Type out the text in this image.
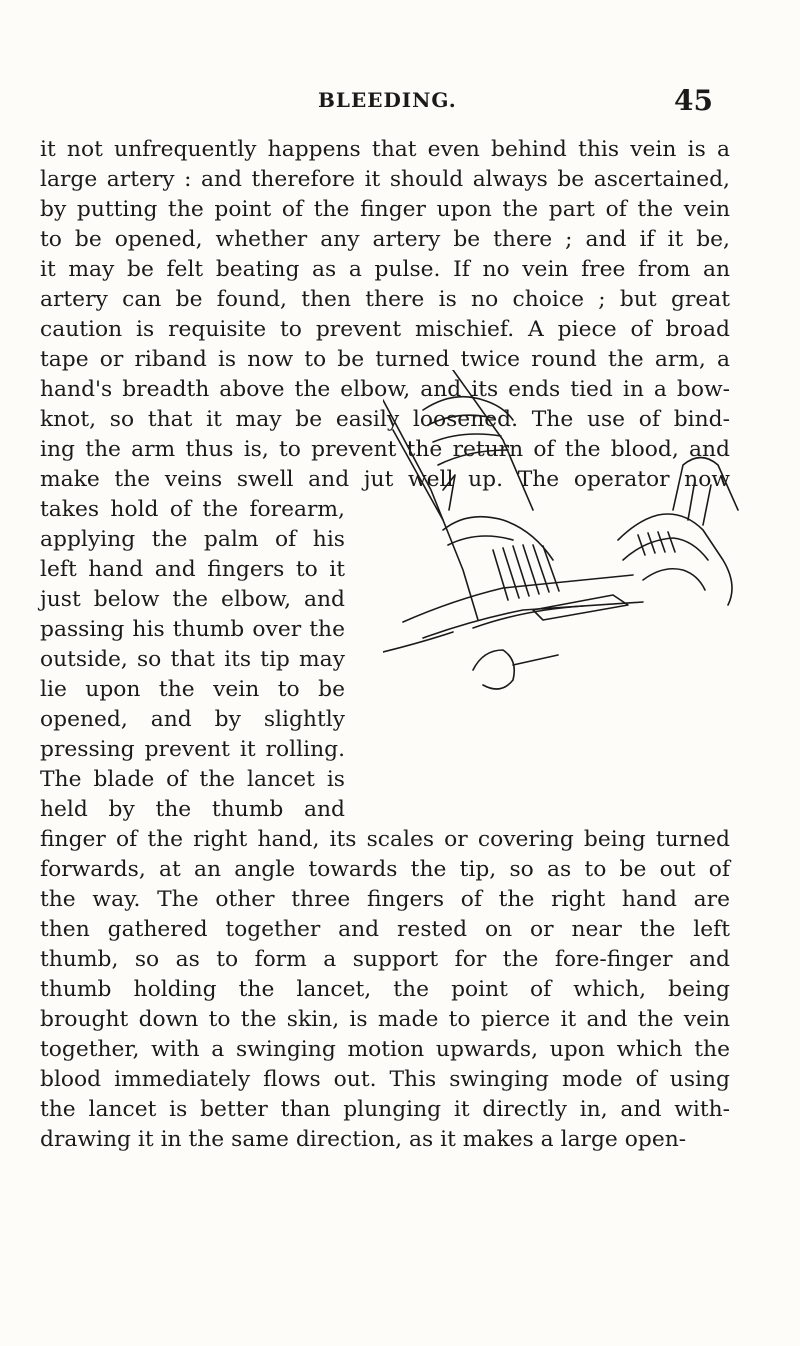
BLEEDING.	45
it not unfrequently happens that even behind this vein is a
large artery : and therefore it should always be ascertained,
by putting the point of the finger upon the part of the vein
to be opened, whether any artery be there ; and if it be,
it may be felt beating as a pulse. If no vein free from an
artery can be found, then there is no choice ; but great
caution is requisite to prevent mischief. A piece of broad
tape or riband is now to be turned twice round the arm, a
hand's breadth above the elbow, and its ends tied in a bow-
knot, so that it may be easily loosened. The use of bind-
ing the arm thus is, to prevent the return of the blood, and
make the veins swell and jut well up. The operator now
takes hold of the forearm,
applying the palm of his
left hand and fingers to it
just below the elbow, and
passing his thumb over the
outside, so that its tip may
lie upon the vein to be
opened, and by slightly
pressing prevent it rolling.
The blade of the lancet is
held by the thumb and
finger of the right hand, its scales or covering being turned
forwards, at an angle towards the tip, so as to be out of
the way. The other three fingers of the right hand are
then gathered together and rested on or near the left
thumb, so as to form a support for the fore-finger and
thumb holding the lancet, the point of which, being
brought down to the skin, is made to pierce it and the vein
together, with a swinging motion upwards, upon which the
blood immediately flows out. This swinging mode of using
the lancet is better than plunging it directly in, and with-
drawing it in the same direction, as it makes a large open-
